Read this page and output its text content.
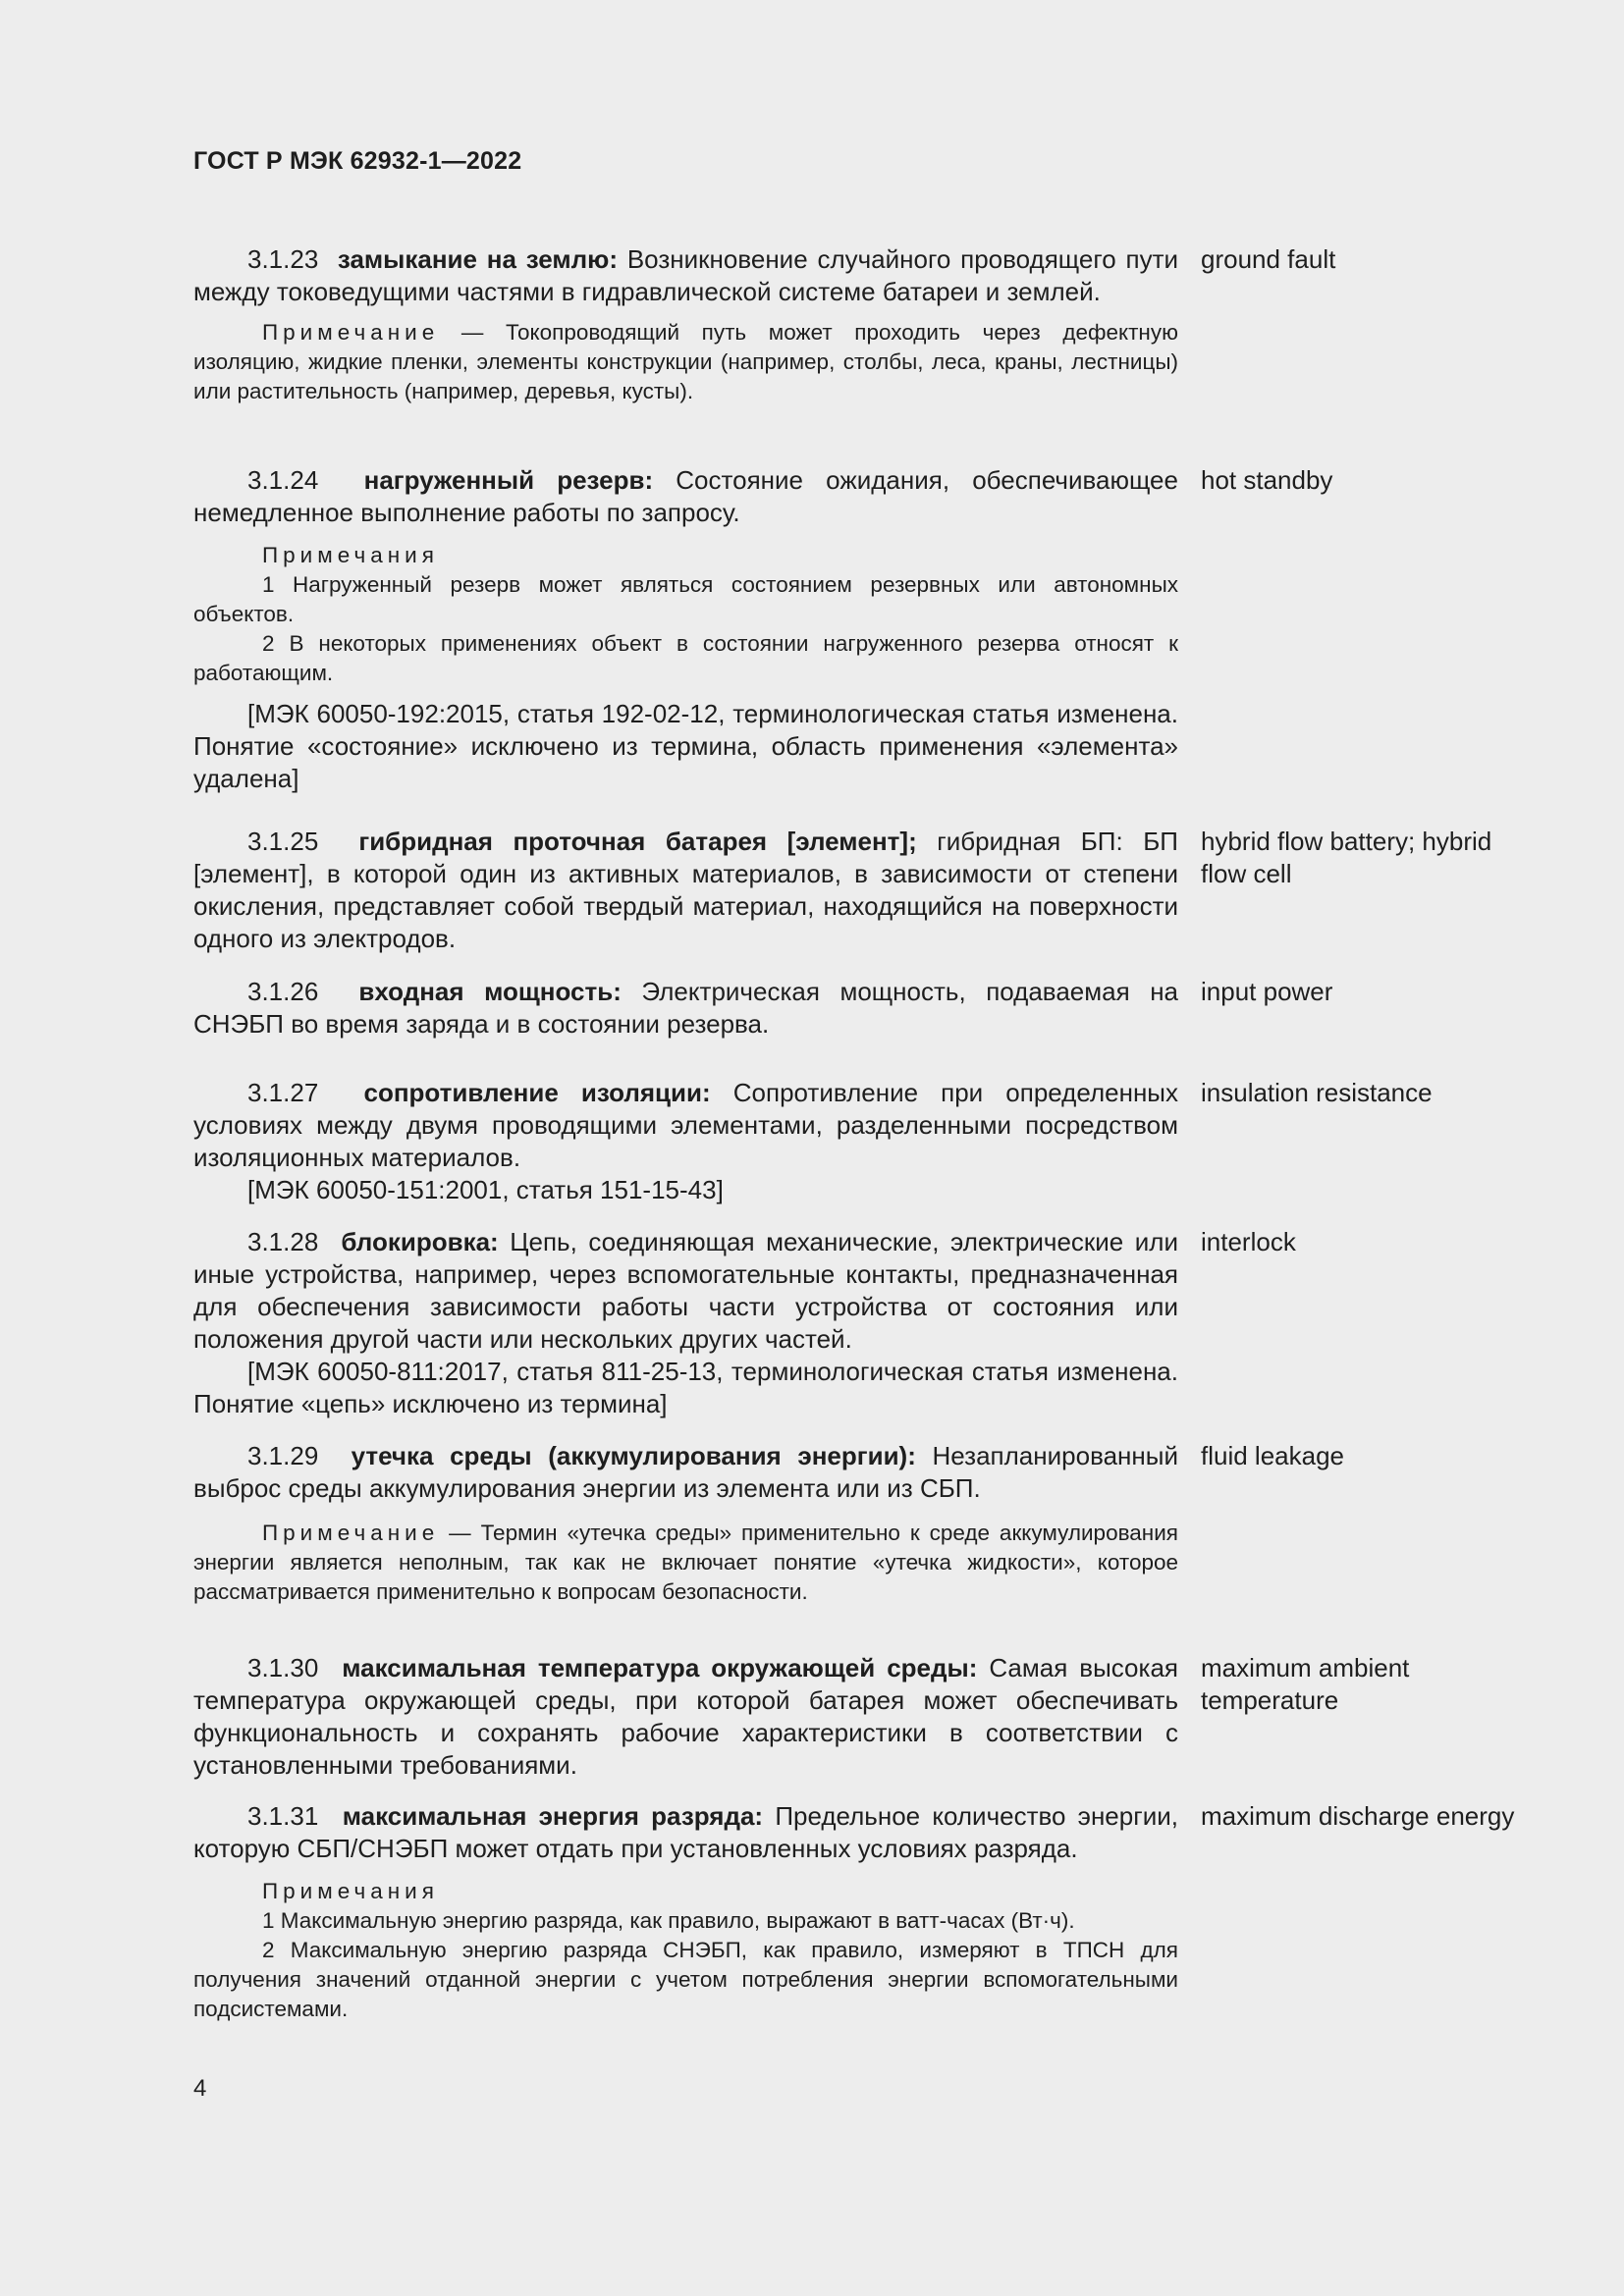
ГОСТ Р МЭК 62932-1—2022

3.1.23 замыкание на землю: Возникновение случайного проводящего пути между токоведущими частями в гидравлической системе батареи и землей.

Примечание — Токопроводящий путь может проходить через дефектную изоляцию, жидкие пленки, элементы конструкции (например, столбы, леса, краны, лестницы) или растительность (например, деревья, кусты).
ground fault

3.1.24 нагруженный резерв: Состояние ожидания, обеспечивающее немедленное выполнение работы по запросу.

Примечания

1 Нагруженный резерв может являться состоянием резервных или автономных объектов.

2 В некоторых применениях объект в состоянии нагруженного резерва относят к работающим.

[МЭК 60050-192:2015, статья 192-02-12, терминологическая статья изменена. Понятие «состояние» исключено из термина, область применения «элемента» удалена]

hot standby

3.1.25 гибридная проточная батарея [элемент]; гибридная БП: БП [элемент], в которой один из активных материалов, в зависимости от степени окисления, представляет собой твердый материал, находящийся на поверхности одного из электродов.

hybrid flow battery; hybrid flow cell

3.1.26 входная мощность: Электрическая мощность, подаваемая на СНЭБП во время заряда и в состоянии резерва.

input power

3.1.27 сопротивление изоляции: Сопротивление при определенных условиях между двумя проводящими элементами, разделенными посредством изоляционных материалов.

[МЭК 60050-151:2001, статья 151-15-43]

insulation resistance

3.1.28 блокировка: Цепь, соединяющая механические, электрические или иные устройства, например, через вспомогательные контакты, предназначенная для обеспечения зависимости работы части устройства от состояния или положения другой части или нескольких других частей.

[МЭК 60050-811:2017, статья 811-25-13, терминологическая статья изменена. Понятие «цепь» исключено из термина]

interlock

3.1.29 утечка среды (аккумулирования энергии): Незапланированный выброс среды аккумулирования энергии из элемента или из СБП.

Примечание — Термин «утечка среды» применительно к среде аккумулирования энергии является неполным, так как не включает понятие «утечка жидкости», которое рассматривается применительно к вопросам безопасности.
fluid leakage

3.1.30 максимальная температура окружающей среды: Самая высокая температура окружающей среды, при которой батарея может обеспечивать функциональность и сохранять рабочие характеристики в соответствии с установленными требованиями.

maximum ambient temperature

3.1.31 максимальная энергия разряда: Предельное количество энергии, которую СБП/СНЭБП может отдать при установленных условиях разряда.

Примечания

1 Максимальную энергию разряда, как правило, выражают в ватт-часах (Вт·ч).

2 Максимальную энергию разряда СНЭБП, как правило, измеряют в ТПСН для получения значений отданной энергии с учетом потребления энергии вспомогательными подсистемами.

maximum discharge energy
4
